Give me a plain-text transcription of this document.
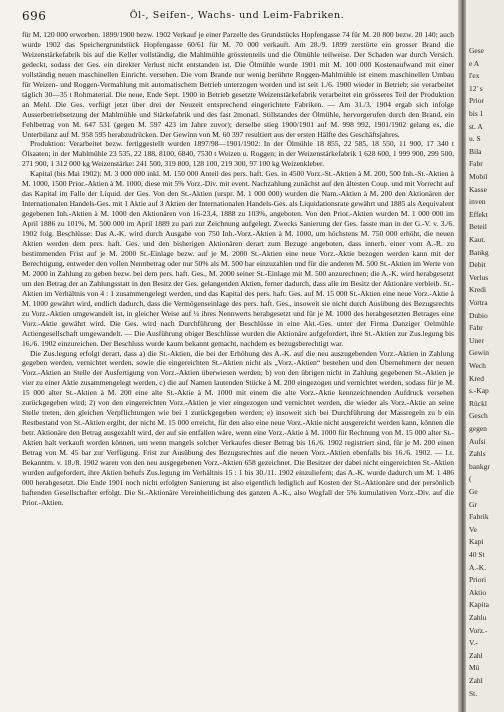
696	Öl-, Seifen-, Wachs- und Leim-Fabriken.

für M. 120 000 erworben. 1899/1900 bezw. 1902 Verkauf je einer Parzelle des Grundstücks Hopfengasse 74 für M. 20 800 bezw. 20 140; auch wurde 1902 das Speichergrundstück Hopfengasse 60/61 für M. 70 000 verkauft. Am 28./9. 1899 zerstörte ein grosser Brand die Weizenstärkefabrik bis auf die Keller vollständig, die Mahlmühle grösstenteils und die Ölmühle teilweise. Der Schaden war durch Versich. gedeckt, sodass der Ges. ein direkter Verlust nicht entstanden ist. Die Ölmühle wurde 1901 mit M. 100 000 Kostenaufwand mit einer vollständig neuen maschinellen Einricht. versehen. Die vom Brande nur wenig berührte Roggen-Mahlmühle ist einem maschinellen Umbau für Weizen- und Roggen-Vermahlung mit automatischem Betrieb unterzogen worden und ist seit 1./6. 1900 wieder in Betrieb; sie verarbeitet täglich 30—35 t Rohmaterial. Die neue, Ende Sept. 1900 in Betrieb gesetzte Weizenstärkefabrik verarbeitet ein grösseres Teil der Produktion an Mehl. Die Ges. verfügt jetzt über drei der Neuzeit entsprechend eingerichtete Fabriken. — Am 31./3. 1904 ergab sich infolge Ausserbetriebsetzung der Mahlmühle und Stärkefabrik und des fast 2monatl. Stillstandes der Ölmühle, hervorgerufen durch den Brand, ein Fehlbetrag von M. 647 531 (gegen M. 597 423 im Jahre zuvor); derselbe stieg 1900/1901 auf M. 998 992, 1901/1902 gelang es, die Unterbilanz auf M. 958 595 herabzudrücken. Der Gewinn von M. 60 397 resultiert aus der ersten Hälfte des Geschäftsjahres.

Produktion: Verarbeitet bezw. fertiggestellt wurden 1897/98—1901/1902: In der Ölmühle 18 855, 22 585, 18 550, 11 900, 17 340 t Ölsaaten; in der Mahlmühle 23 535, 22 188, 8100, 6840, 7530 t Weizen u. Roggen; in der Weizenstärkefabrik 1 628 600, 1 999 900, 299 500, 271 900, 1 312 000 kg Weizenstärke: 241 500, 319 800, 128 100, 219 300, 97 100 kg Weizenkleber.

Kapital (bis Mai 1902): M. 3 000 000 inkl. M. 150 000 Anteil des pers. haft. Ges. in 4500 Vorz.-St.-Aktien à M. 200, 500 Inh.-St.-Aktien à M. 1000, 1500 Prior.-Aktien à M. 1000, diese mit 5% Vorz.-Div. mit event. Nachzahlung zunächst auf den ältesten Coup. und mit Vorrecht auf das Kapital im Falle der Liquid. der Ges. Von den St.-Aktien (urspr. M. 1 000 000) wurden die Nam.-Aktien à M. 200 den Aktionären der Internationalen Handels-Ges. mit 1 Aktie auf 3 Aktien der Internationalen Handels-Ges. als Liquidationsrate gewährt und 1885 als Aequivalent gegebenen Inh.-Aktien à M. 1000 den Aktionären von 16-23,4, 1888 zu 103%, angeboten. Von den Prior.-Aktien wurden M. 1 000 000 im April 1886 zu 101%, M. 500 000 im April 1889 zu pari zur Zeichnung aufgelegt. Zwecks Sanierung der Ges. fasste man in der G.-V. v. 3./6. 1902 folg. Beschlüsse: Das A.-K. wird durch Ausgabe von 750 Inh.-Vorz.-Aktien à M. 1000, um höchstens M. 750 000 erhöht, die neuen Aktien werden dem pers. haft. Ges. und den bisherigen Aktionären derart zum Bezuge angeboten, dass innerh. einer vom A.-R. zu bestimmenden Frist auf je M. 2000 St.-Einlage bezw. auf je M. 2000 St.-Aktien eine neue Vorz.-Aktie bezogen werden kann mit der Berechtigung, entweder den vollen Nennbetrag oder nur 50% als M. 500 bar einzuzahlen und für die anderen M. 500 St.-Aktien im Werte von M. 2000 in Zahlung zu geben bezw. bei dem pers. haft. Ges., M. 2000 seiner St.-Einlage mit M. 500 anzurechnen; die A.-K. wird herabgesetzt um den Betrag der an Zahlungsstatt in den Besitz der Ges. gelangenden Aktien, ferner dadurch, dass alle im Besitz der Aktionäre verbleib. St.-Aktien im Verhältnis von 4 : 1 zusammengelegt werden, und das Kapital des pers. haft. Ges. auf M. 15 000 St.-Aktien eine neue Vorz.-Aktie à M. 1000 gewährt wird, endlich dadurch, dass die Vermögenseinlage des pers. haft. Ges., insoweit sie nicht durch Ausübung des Bezugsrechts zu Vorz.-Aktien umgewandelt ist, in gleicher Weise auf ¼ ihres Nennwerts herabgesetzt und für je M. 1000 des herabgesetzten Betrages eine Vorz.-Aktie gewährt wird. Die Ges. wird nach Durchführung der Beschlüsse in eine Akt.-Ges. unter der Firma Danziger Oelmühle Actiengesellschaft umgewandelt. — Die Ausführung obiger Beschlüsse wurden die Aktionäre aufgefordert, ihre St.-Aktien zur Zus.legung bis 16./6. 1902 einzureichen. Der Beschluss wurde kaum bekannt gemacht, nachdem es bezugsberechtigt war.

Die Zus.legung erfolgt derart, dass a) die St.-Aktien, die bei der Erhöhung des A.-K. auf die neu auszugebenden Vorz.-Aktien in Zahlung gegeben werden, vernichtet werden, sowie die eingereichten St.-Aktien nicht als „Vorz.-Aktien“ bestehen und den Übernehmern der neuen Vorz.-Aktien an Stelle der Ausfertigung von Vorz.-Aktien überwiesen werden; b) von den übrigen nicht in Zahlung gegebenen St.-Aktien je vier zu einer Aktie zusammengelegt werden, c) die auf Namen lautenden Stücke à M. 200 eingezogen und vernichtet werden, sodass für je M. 15 000 alter St.-Aktien à M. 200 eine alte St.-Aktie à M. 1000 mit einem die alte Vorz.-Aktie kennzeichnenden Aufdruck versehen zurückgegeben wird; 2) von den eingereichten Vorz.-Aktien je vier eingezogen und vernichtet werden, die wieder als Vorz.-Aktie an seine Stelle treten, den gleichen Verpflichtungen wie bei 1 zurückgegeben werden; e) insoweit sich bei Durchführung der Massregeln zu b ein Restbestand von St.-Aktien ergibt, der nicht M. 15 000 erreicht, für den also eine neue Vorz.-Aktie nicht ausgereicht werden kann, können die betr. Aktionäre den Betrag ausgezahlt wird, der auf sie entfallen wäre, wenn eine Vorz.-Aktie à M. 1000 für Rechnung von M. 15 000 alter St.-Aktien halt verkauft worden können, um wenn mangels solcher Verkaufes dieser Betrag bis 16./6. 1902 registriert sind, für je M. 200 einen Betrag von M. 45 bar zur Verfügung. Frist zur Ausübung des Bezugsrechtes auf die neuen Vorz.-Aktien ebenfalls bis 16./6. 1902. — Lt. Bekanntm. v. 18./8. 1902 waren von den neu ausgegebenen Vorz.-Aktien 658 gezeichnet. Die Besitzer der dabei nicht eingereichten St.-Aktien wurden aufgefordert, ihre Aktien behufs Zus.legung im Verhältnis 15 : 1 bis 30./11. 1902 einzuliefern; das A.-K. wurde dadurch um M. 1 486 000 herabgesetzt. Die Ende 1901 noch nicht erfolgten Sanierung ist also eigentlich lediglich auf Kosten der St.-Aktionäre und der persönlich haftenden Gesellschafter erfolgt. Die St.-Aktionäre Vereinheitlichung des ganzen A.-K., also Wegfall der 5% kumulativen Vorz.-Div. auf die Prior.-Aktien.

Gese
e A
l'ex
12' s
Prior
bis 1
st. A
u. S
Bila
Fabr
Mobil
Kasse
inven
Effekt
Beteil
Kaut.
Bankg
Debit
Verlus
Kredi
Vortra
Dubio
Fabr
Uner
Gewin
Wech
Kred
s.-Kap
Rückl
Gesch
gegen
Aufsi
Zahls
bankgr
(
Ge
Gr
Fabrik
Ve
Kapi
40 St
A.-K.
Priori
Aktio
Kapita
Zahlu
Vorz.-
V.-
Zahl
Mü
Zahl
St.
